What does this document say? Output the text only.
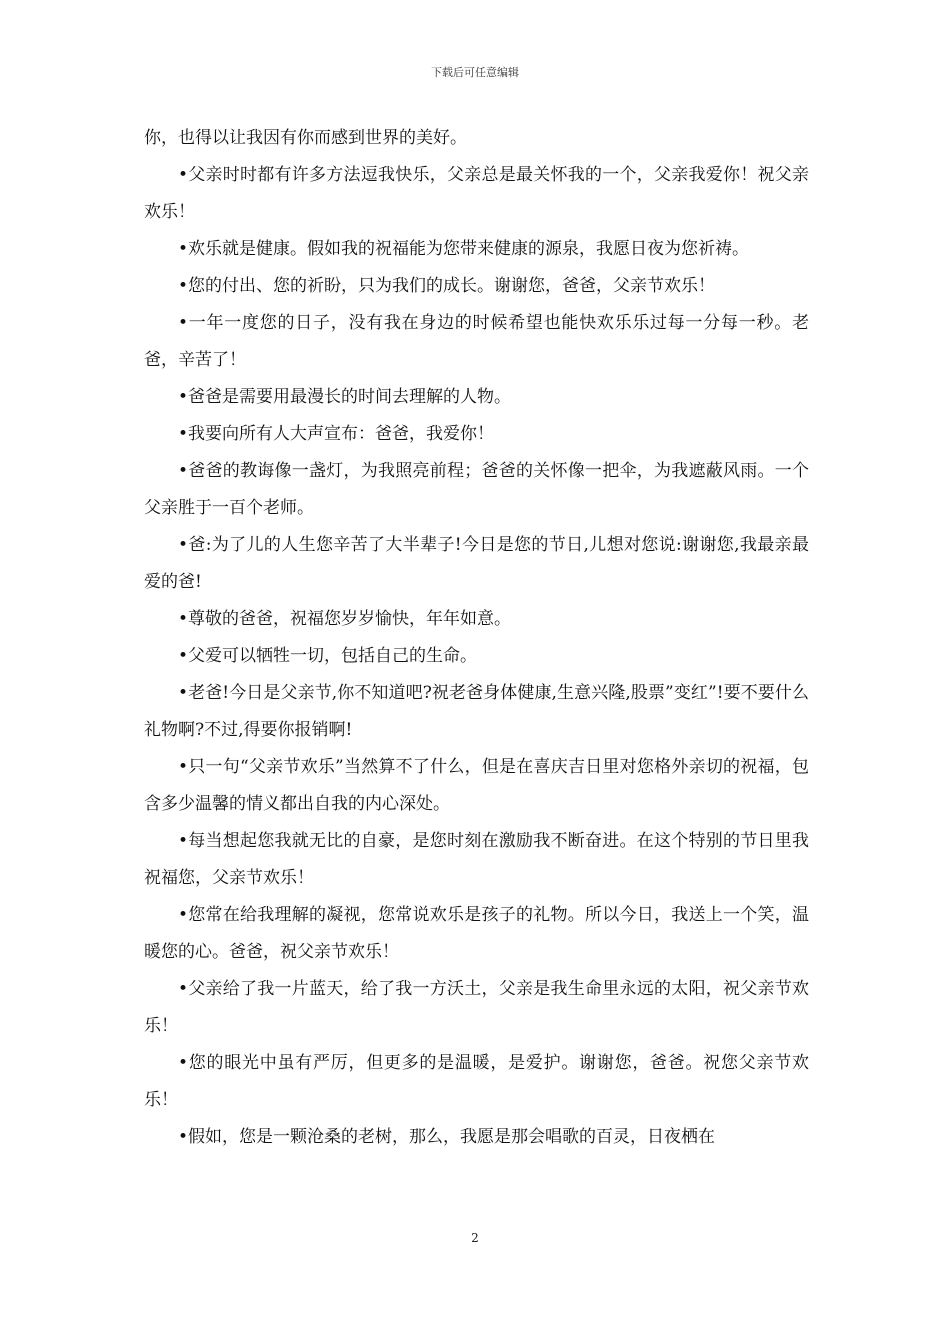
下载后可任意编辑

你，也得以让我因有你而感到世界的美好。

•父亲时时都有许多方法逗我快乐，父亲总是最关怀我的一个，父亲我爱你！祝父亲欢乐！

•欢乐就是健康。假如我的祝福能为您带来健康的源泉，我愿日夜为您祈祷。

•您的付出、您的祈盼，只为我们的成长。谢谢您，爸爸，父亲节欢乐！

•一年一度您的日子，没有我在身边的时候希望也能快欢乐乐过每一分每一秒。老爸，辛苦了！

•爸爸是需要用最漫长的时间去理解的人物。

•我要向所有人大声宣布：爸爸，我爱你！

•爸爸的教诲像一盏灯，为我照亮前程；爸爸的关怀像一把伞，为我遮蔽风雨。一个父亲胜于一百个老师。

•爸:为了儿的人生您辛苦了大半辈子!今日是您的节日,儿想对您说:谢谢您,我最亲最爱的爸!

•尊敬的爸爸，祝福您岁岁愉快，年年如意。

•父爱可以牺牲一切，包括自己的生命。

•老爸!今日是父亲节,你不知道吧?祝老爸身体健康,生意兴隆,股票”变红”!要不要什么礼物啊?不过,得要你报销啊!

•只一句“父亲节欢乐”当然算不了什么，但是在喜庆吉日里对您格外亲切的祝福，包含多少温馨的情义都出自我的内心深处。

•每当想起您我就无比的自豪，是您时刻在激励我不断奋进。在这个特别的节日里我祝福您，父亲节欢乐！

•您常在给我理解的凝视，您常说欢乐是孩子的礼物。所以今日，我送上一个笑，温暖您的心。爸爸，祝父亲节欢乐！

•父亲给了我一片蓝天，给了我一方沃土，父亲是我生命里永远的太阳，祝父亲节欢乐！

•您的眼光中虽有严厉，但更多的是温暖，是爱护。谢谢您，爸爸。祝您父亲节欢乐！

•假如，您是一颗沧桑的老树，那么，我愿是那会唱歌的百灵，日夜栖在

2
